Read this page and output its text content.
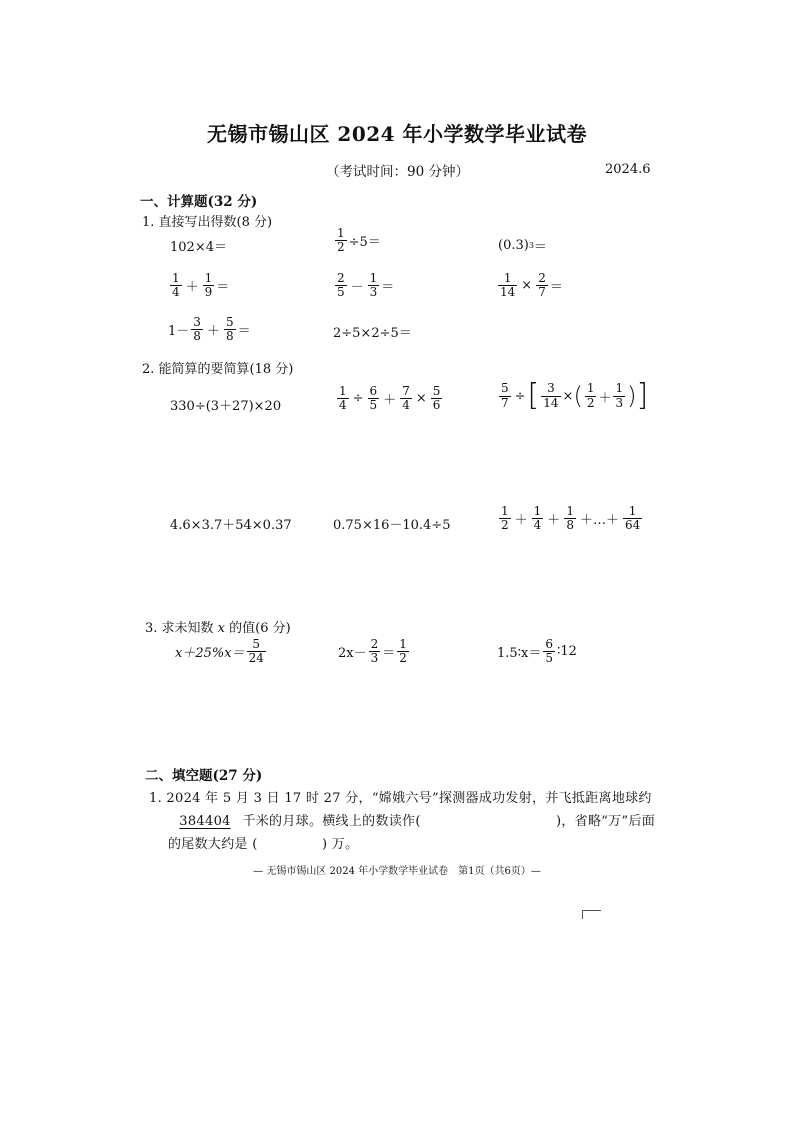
无锡市锡山区 2024 年小学数学毕业试卷
（考试时间：90 分钟）	2024.6
一、计算题(32 分)
1. 直接写出得数(8 分)
102×4＝	$\frac{1}{2} \div 5=$	(0.3) 3 ＝
$\frac{1}{4} + \frac{1}{9}$ ＝	$\frac{2}{5} - \frac{1}{3}$ ＝	$\frac{1}{14} \times \frac{2}{7}$ ＝
$1- \frac{3}{8} + \frac{5}{8}$ ＝	2÷5×2÷5＝
2. 能简算的要简算(18 分)
330÷(3＋27)×20	$\frac{1}{4} \div \frac{6}{5} + \frac{7}{4} \times \frac{5}{6}$	$\frac{5}{7}$ ÷ [ $\frac{3}{14}$ × ( $\frac{1}{2} + \frac{1}{3}$ ) ]
4.6×3.7＋54×0.37	0.75×16－10.4÷5	$\frac{1}{2} + \frac{1}{4} + \frac{1}{8}$ ＋…＋ $\frac{1}{64}$
3. 求未知数 x 的值(6 分)
$x+25\%x= \frac{5}{24}$	$2x- \frac{2}{3} = \frac{1}{2}$	1.5∶x＝ $\frac{6}{5}$ ∶12
二、填空题(27 分)
1. 2024 年 5 月 3 日 17 时 27 分，“嫦娥六号”探测器成功发射，并飞抵距离地球约
384404 千米的月球。横线上的数读作(	)，省略“万”后面
的尾数大约是 (	) 万。
— 无锡市锡山区 2024 年小学数学毕业试卷　第1页（共6页）—
